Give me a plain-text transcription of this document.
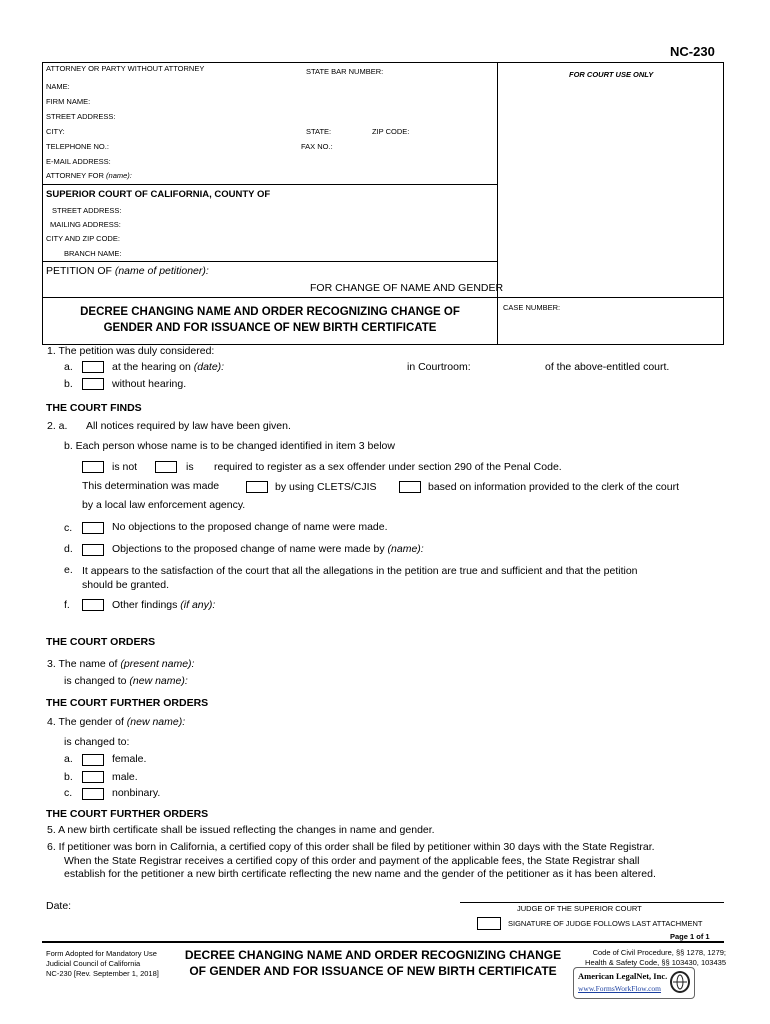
NC-230
ATTORNEY OR PARTY WITHOUT ATTORNEY	STATE BAR NUMBER:	FOR COURT USE ONLY
NAME:
FIRM NAME:
STREET ADDRESS:
CITY:	STATE:	ZIP CODE:
TELEPHONE NO.:	FAX NO.:
E-MAIL ADDRESS:
ATTORNEY FOR (name):
SUPERIOR COURT OF CALIFORNIA, COUNTY OF
STREET ADDRESS:
MAILING ADDRESS:
CITY AND ZIP CODE:
BRANCH NAME:
PETITION OF (name of petitioner):
FOR CHANGE OF NAME AND GENDER
DECREE CHANGING NAME AND ORDER RECOGNIZING CHANGE OF
GENDER AND FOR ISSUANCE OF NEW BIRTH CERTIFICATE
CASE NUMBER:
1. The petition was duly considered:
a.	at the hearing on (date):	in Courtroom:	of the above-entitled court.
b.	without hearing.
THE COURT FINDS
2. a. All notices required by law have been given.
b. Each person whose name is to be changed identified in item 3 below
is not	is required to register as a sex offender under section 290 of the Penal Code.
This determination was made	by using CLETS/CJIS	based on information provided to the clerk of the court
by a local law enforcement agency.
c.	No objections to the proposed change of name were made.
d.	Objections to the proposed change of name were made by (name):
e. It appears to the satisfaction of the court that all the allegations in the petition are true and sufficient and that the petition
should be granted.
f.	Other findings (if any):
THE COURT ORDERS
3. The name of (present name):
is changed to (new name):
THE COURT FURTHER ORDERS
4. The gender of (new name):
is changed to:
a.	female.
b.	male.
c.	nonbinary.
THE COURT FURTHER ORDERS
5. A new birth certificate shall be issued reflecting the changes in name and gender.
6. If petitioner was born in California, a certified copy of this order shall be filed by petitioner within 30 days with the State Registrar.
When the State Registrar receives a certified copy of this order and payment of the applicable fees, the State Registrar shall
establish for the petitioner a new birth certificate reflecting the new name and the gender of the petitioner as it has been altered.
Date:	JUDGE OF THE SUPERIOR COURT
SIGNATURE OF JUDGE FOLLOWS LAST ATTACHMENT
Page 1 of 1
Form Adopted for Mandatory Use
Judicial Council of California
NC-230 [Rev. September 1, 2018]
DECREE CHANGING NAME AND ORDER RECOGNIZING CHANGE
OF GENDER AND FOR ISSUANCE OF NEW BIRTH CERTIFICATE
Code of Civil Procedure, §§ 1278, 1279;
Health & Safety Code, §§ 103430, 103435
American LegalNet, Inc.
www.FormsWorkFlow.com
